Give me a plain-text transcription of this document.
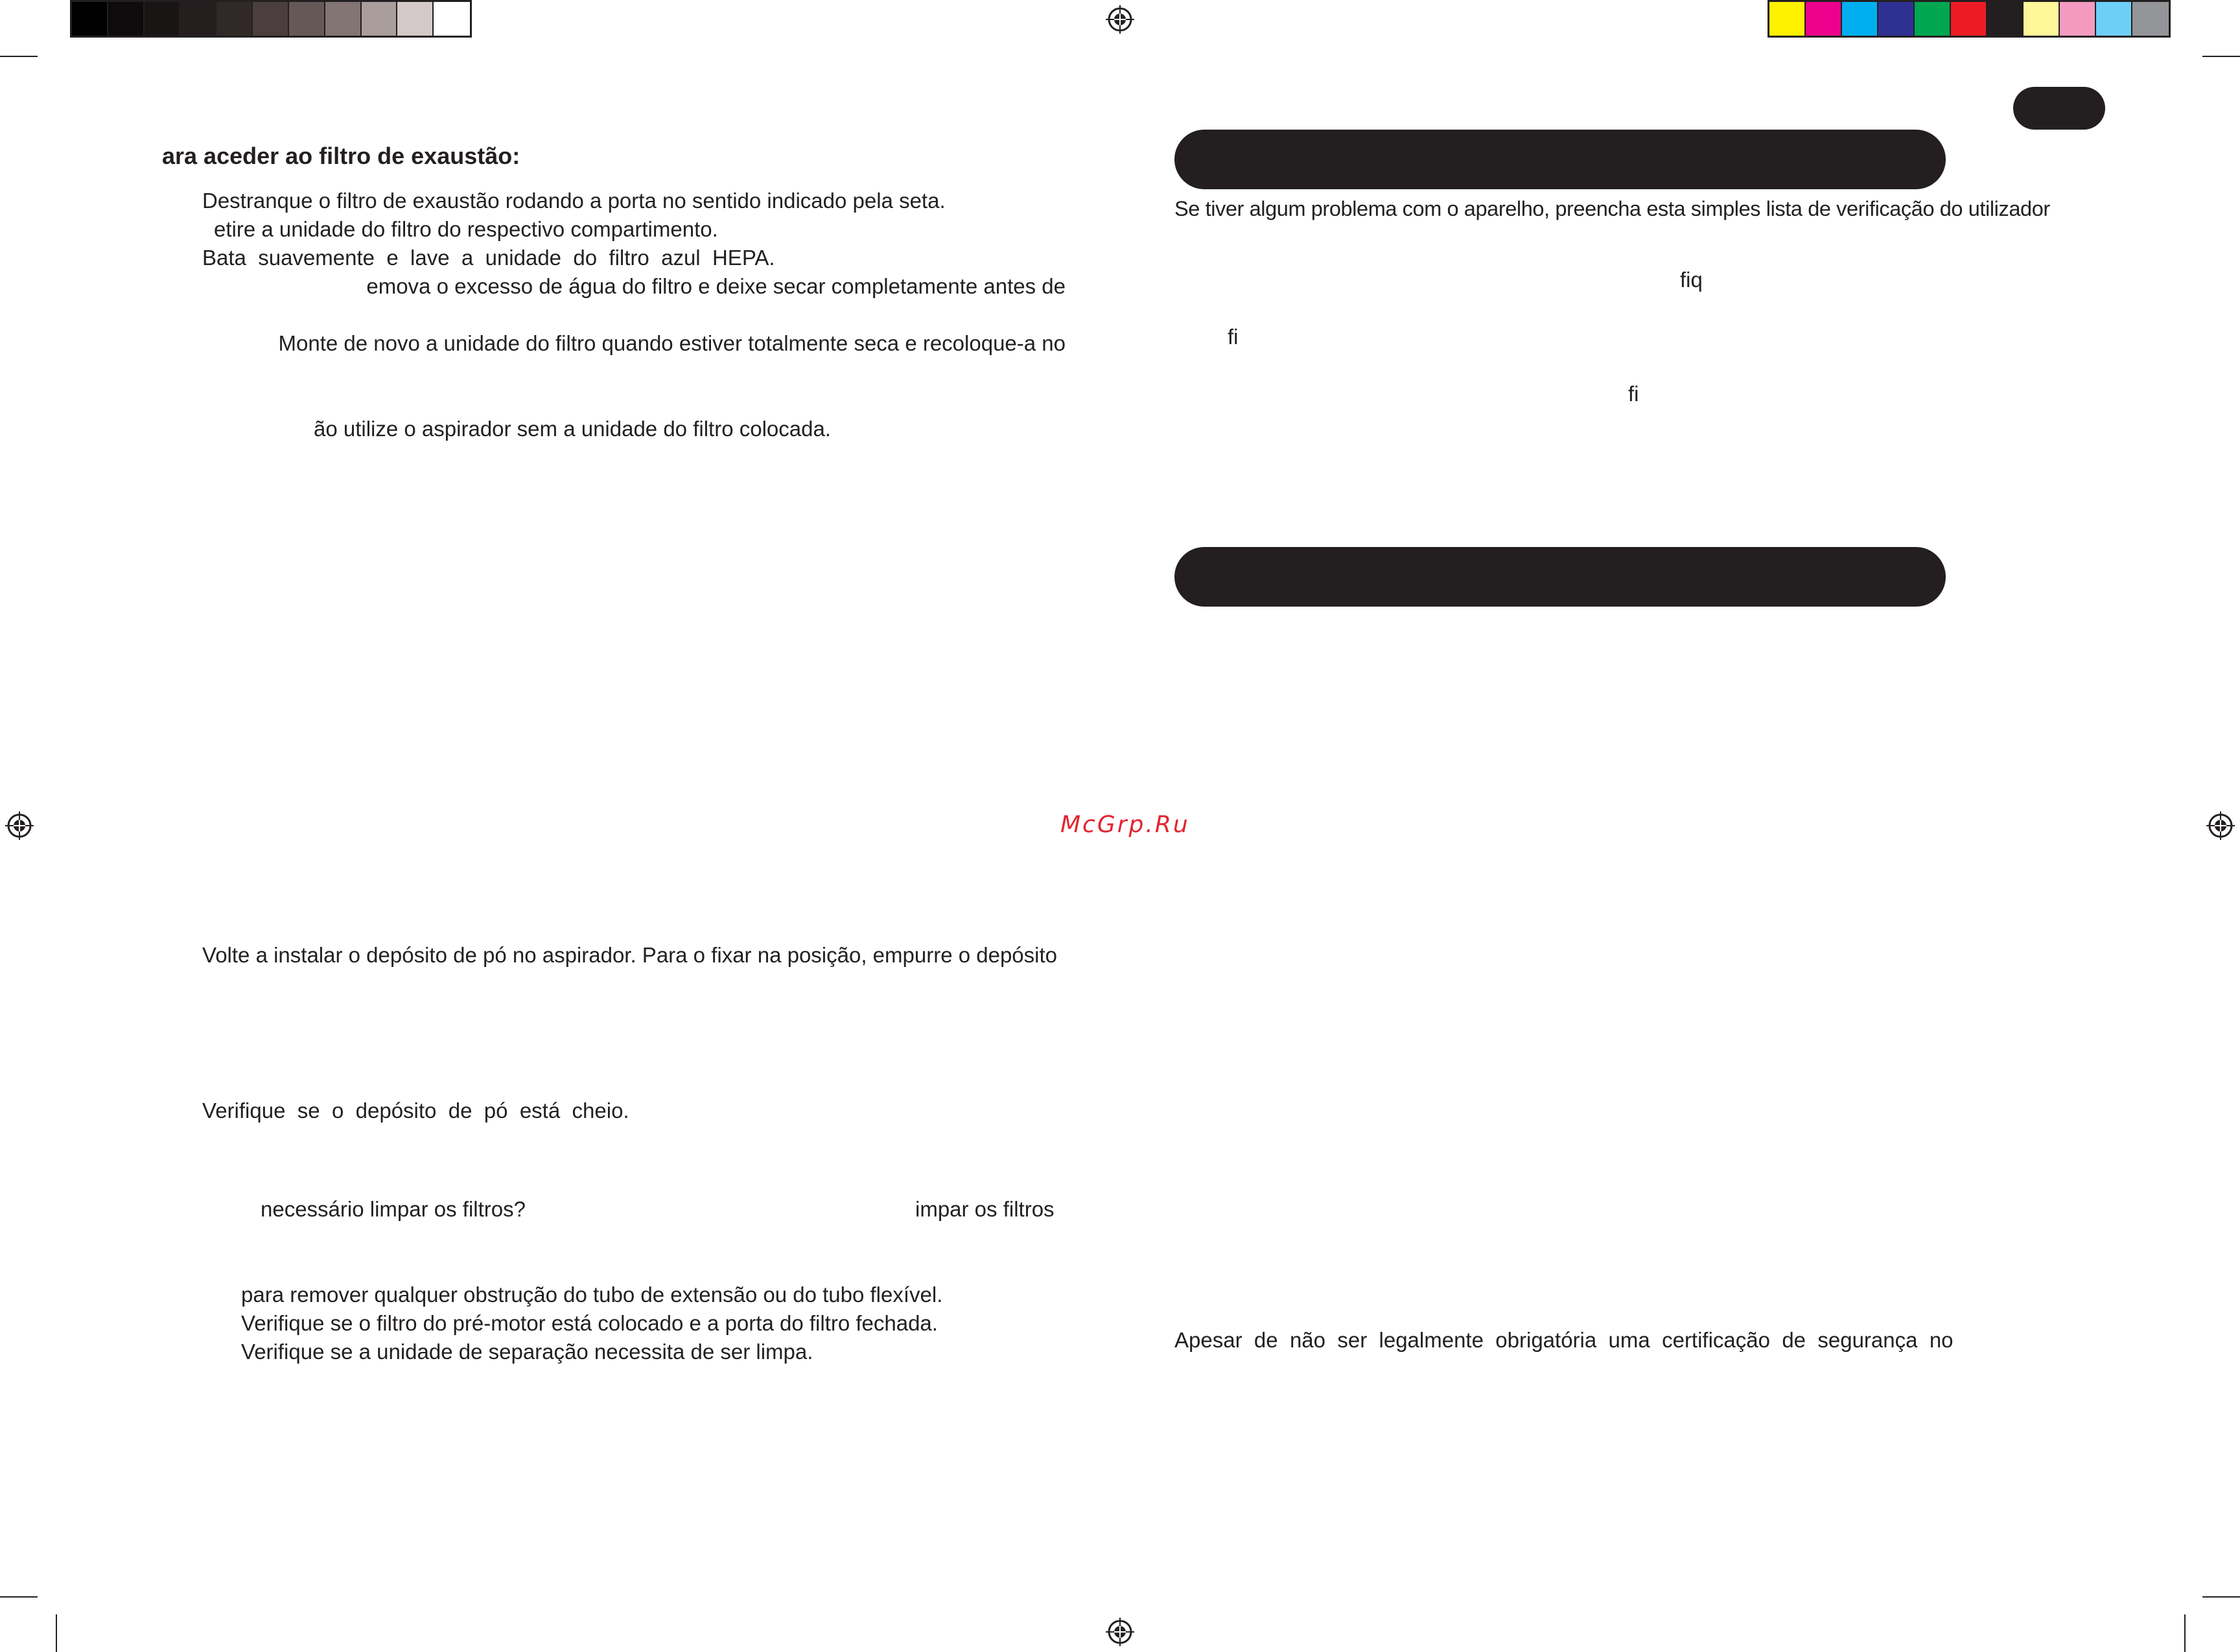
ara aceder ao filtro de exaustão:
Destranque o filtro de exaustão rodando a porta no sentido indicado pela seta.
etire a unidade do filtro do respectivo compartimento.
Bata  suavemente  e  lave  a  unidade  do  filtro  azul  HEPA.
emova o excesso de água do filtro e deixe secar completamente antes de
Monte de novo a unidade do filtro quando estiver totalmente seca e recoloque-a no
ão utilize o aspirador sem a unidade do filtro colocada.
Volte a instalar o depósito de pó no aspirador. Para o fixar na posição, empurre o depósito
Verifique  se  o  depósito  de  pó  está  cheio.
necessário limpar os filtros?	impar os filtros
para remover qualquer obstrução do tubo de extensão ou do tubo flexível.
Verifique se o filtro do pré-motor está colocado e a porta do filtro fechada.
Verifique se a unidade de separação necessita de ser limpa.
McGrp.Ru
Se tiver algum problema com o aparelho, preencha esta simples lista de verificação do utilizador
fiq
fi
fi
Apesar  de  não  ser  legalmente  obrigatória  uma  certificação  de  segurança  no
